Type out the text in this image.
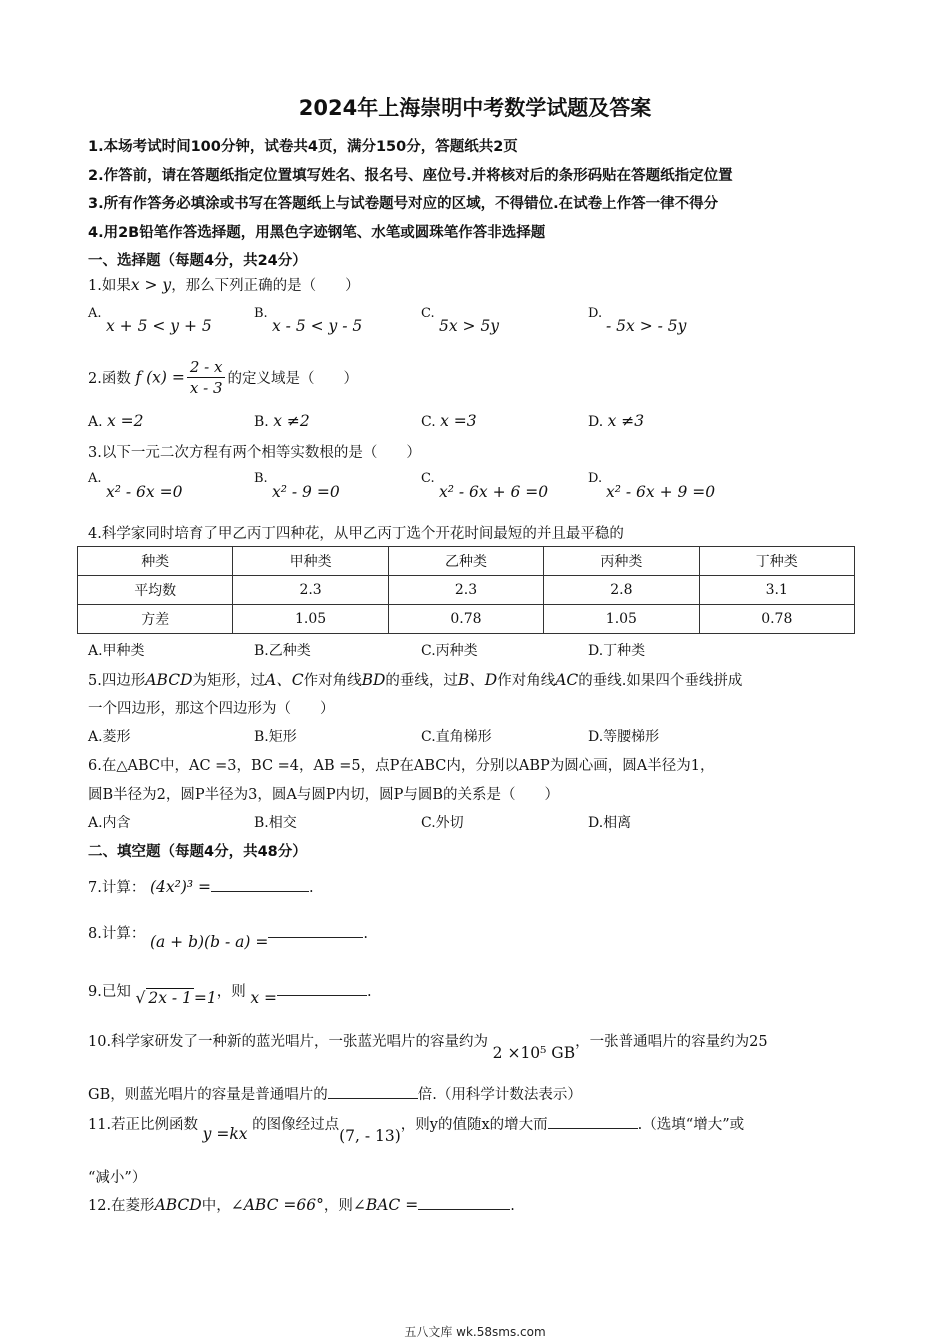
2024年上海崇明中考数学试题及答案
1.本场考试时间100分钟，试卷共4页，满分150分，答题纸共2页
2.作答前，请在答题纸指定位置填写姓名、报名号、座位号.并将核对后的条形码贴在答题纸指定位置
3.所有作答务必填涂或书写在答题纸上与试卷题号对应的区域，不得错位.在试卷上作答一律不得分
4.用2B铅笔作答选择题，用黑色字迹钢笔、水笔或圆珠笔作答非选择题
一、选择题（每题4分，共24分）
1.如果x > y，那么下列正确的是（　　）
A.
x + 5 < y + 5
B.
x - 5 < y - 5
C.
5x > 5y
D.
- 5x > - 5y
2.函数 f $(x) = \frac{2 - x}{x - 3}$ 的定义域是（　　）
A. x =2	B. x ≠2	C. x =3	D. x ≠3
3.以下一元二次方程有两个相等实数根的是（　　）
A.
x² - 6x =0
B.
x² - 9 =0
C.
x² - 6x + 6 =0
D.
x² - 6x + 9 =0
4.科学家同时培育了甲乙丙丁四种花，从甲乙丙丁选个开花时间最短的并且最平稳的
种类	甲种类	乙种类	丙种类	丁种类
平均数	2.3	2.3	2.8	3.1
方差	1.05	0.78	1.05	0.78
A.甲种类	B.乙种类	C.丙种类	D.丁种类
5.四边形ABCD为矩形，过A、C作对角线BD的垂线，过B、D作对角线AC的垂线.如果四个垂线拼成
一个四边形，那这个四边形为（　　）
A.菱形	B.矩形	C.直角梯形	D.等腰梯形
6.在△ABC中，AC =3，BC =4，AB =5，点P在ABC内，分别以ABP为圆心画，圆A半径为1，
圆B半径为2，圆P半径为3，圆A与圆P内切，圆P与圆B的关系是（　　）
A.内含	B.相交	C.外切	D.相离
二、填空题（每题4分，共48分）
7.计算： (4x²)³ =	.
8.计算： (a + b)(b - a) =	.
9.已知 √ 2x - 1 =1，则 x =	.
10.科学家研发了一种新的蓝光唱片，一张蓝光唱片的容量约为 2 ×10⁵ GB，一张普通唱片的容量约为25
GB，则蓝光唱片的容量是普通唱片的	倍.（用科学计数法表示）
11.若正比例函数 y =kx 的图像经过点(7, - 13)，则y的值随x的增大而	.（选填“增大”或
“减小”）
12.在菱形ABCD中，∠ABC =66°，则∠BAC =	.
五八文库 wk.58sms.com
